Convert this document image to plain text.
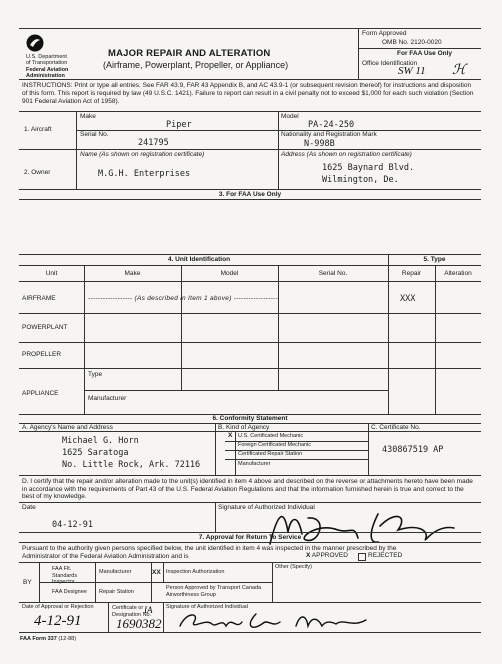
U.S. Department
of Transportation
Federal Aviation
Administration
MAJOR REPAIR AND ALTERATION
(Airframe, Powerplant, Propeller, or Appliance)
Form Approved
OMB No. 2120-0020
For FAA Use Only
Office Identification
SW 11 ℋ
INSTRUCTIONS: Print or type all entries. See FAR 43.9, FAR 43 Appendix B, and AC 43.9-1 (or subsequent revision thereof) for instructions and disposition of this form. This report is required by law (49 U.S.C. 1421). Failure to report can result in a civil penalty not to exceed $1,000 for each such violation (Section 901 Federal Aviation Act of 1958).
1. Aircraft
Make
Piper
Model
PA-24-250
Serial No.
241795
Nationality and Registration Mark
N-998B
2. Owner
Name (As shown on registration certificate)
M.G.H. Enterprises
Address (As shown on registration certificate)
1625 Baynard Blvd.
Wilmington, De.
3. For FAA Use Only
4. Unit Identification	5. Type
Unit	Make	Model	Serial No.	Repair	Alteration
AIRFRAME	------------------ (As described in Item 1 above) ------------------	XXX
POWERPLANT
PROPELLER
APPLIANCE
Type
Manufacturer
6. Conformity Statement
A. Agency's Name and Address
Michael G. Horn
1625 Saratoga
No. Little Rock, Ark. 72116
B. Kind of Agency
X U.S. Certificated Mechanic
Foreign Certificated Mechanic
Certificated Repair Station
Manufacturer
C. Certificate No.
430867519 AP
D. I certify that the repair and/or alteration made to the unit(s) identified in item 4 above and described on the reverse or attachments hereto have been made in accordance with the requirements of Part 43 of the U.S. Federal Aviation Regulations and that the information furnished herein is true and correct to the best of my knowledge.
Date
04-12-91
Signature of Authorized Individual
7. Approval for Return To Service
Pursuant to the authority given persons specified below, the unit identified in item 4 was inspected in the manner prescribed by the Administrator of the Federal Aviation Administration and is	X APPROVED	REJECTED
BY
FAA Flt. Standards Inspector
Manufacturer	XX Inspection Authorization
Other (Specify)
FAA Designee Repair Station
Person Approved by Transport Canada Airworthiness Group
Date of Approval or Rejection
4-12-91
Certificate or Designation No.
IA
1690382
Signature of Authorized Individual
FAA Form 337 (12-88)
